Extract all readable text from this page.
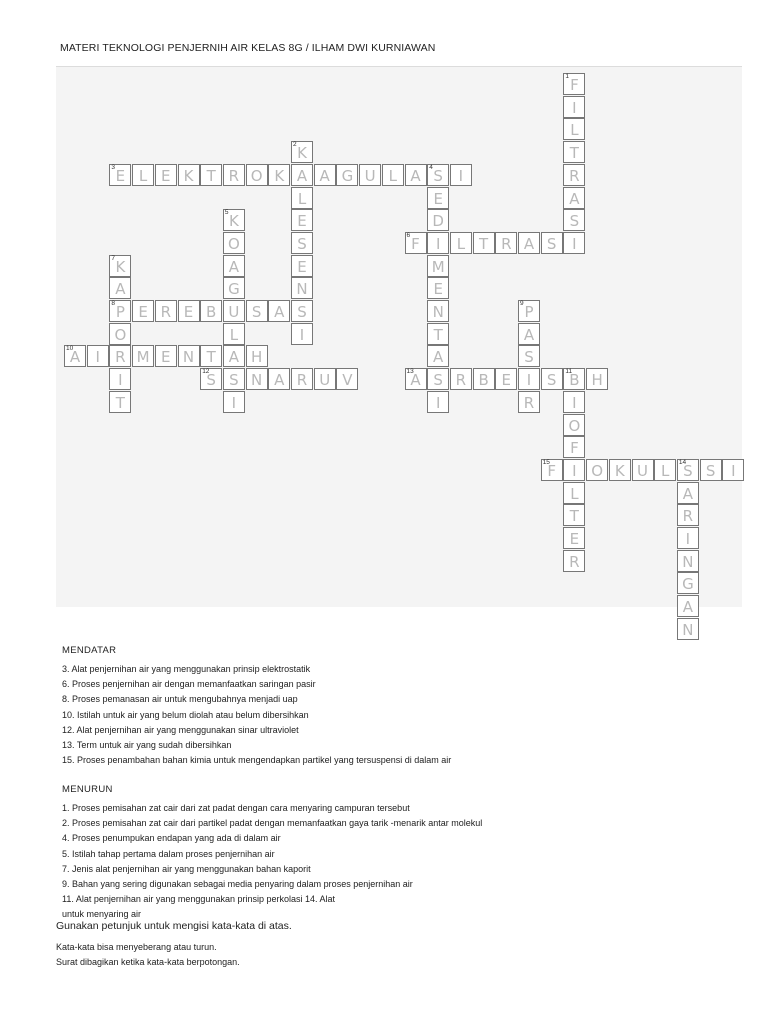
MATERI TEKNOLOGI PENJERNIH AIR KELAS 8G / ILHAM DWI KURNIAWAN
F
1
I
L
T
R
A
S
I
K
2
A
L
E
S
E
N
S
I
E
3	L E K T R O K	A G U L A S
4	I
E
D
I
M
E
N
T
A
S
I
K
5
O
A
G
U
L
A
S
I
F
6	L T R A S
K
7
A
P
8
O
R
I
T
E R E B	S A	P
9
A
S
I
R
A
10	I	M E N T	H
B
11
I
O
F
I
L
T
E
R
S
12	N A R U V	A
13	R B E	S	H
S
14
A
R
I
N
G
A
N
F
15	O K U L	S	I
MENDATAR
3. Alat penjernihan air yang menggunakan prinsip elektrostatik
6. Proses penjernihan air dengan memanfaatkan saringan pasir
8. Proses pemanasan air untuk mengubahnya menjadi uap
10. Istilah untuk air yang belum diolah atau belum dibersihkan
12. Alat penjernihan air yang menggunakan sinar ultraviolet
13. Term untuk air yang sudah dibersihkan
15. Proses penambahan bahan kimia untuk mengendapkan partikel yang tersuspensi di dalam air
MENURUN
1. Proses pemisahan zat cair dari zat padat dengan cara menyaring campuran tersebut
2. Proses pemisahan zat cair dari partikel padat dengan memanfaatkan gaya tarik -menarik antar molekul
4. Proses penumpukan endapan yang ada di dalam air
5. Istilah tahap pertama dalam proses penjernihan air
7. Jenis alat penjernihan air yang menggunakan bahan kaporit
9. Bahan yang sering digunakan sebagai media penyaring dalam proses penjernihan air
11. Alat penjernihan air yang menggunakan prinsip perkolasi 14. Alat
untuk menyaring air
Gunakan petunjuk untuk mengisi kata-kata di atas.
Kata-kata bisa menyeberang atau turun.
Surat dibagikan ketika kata-kata berpotongan.
